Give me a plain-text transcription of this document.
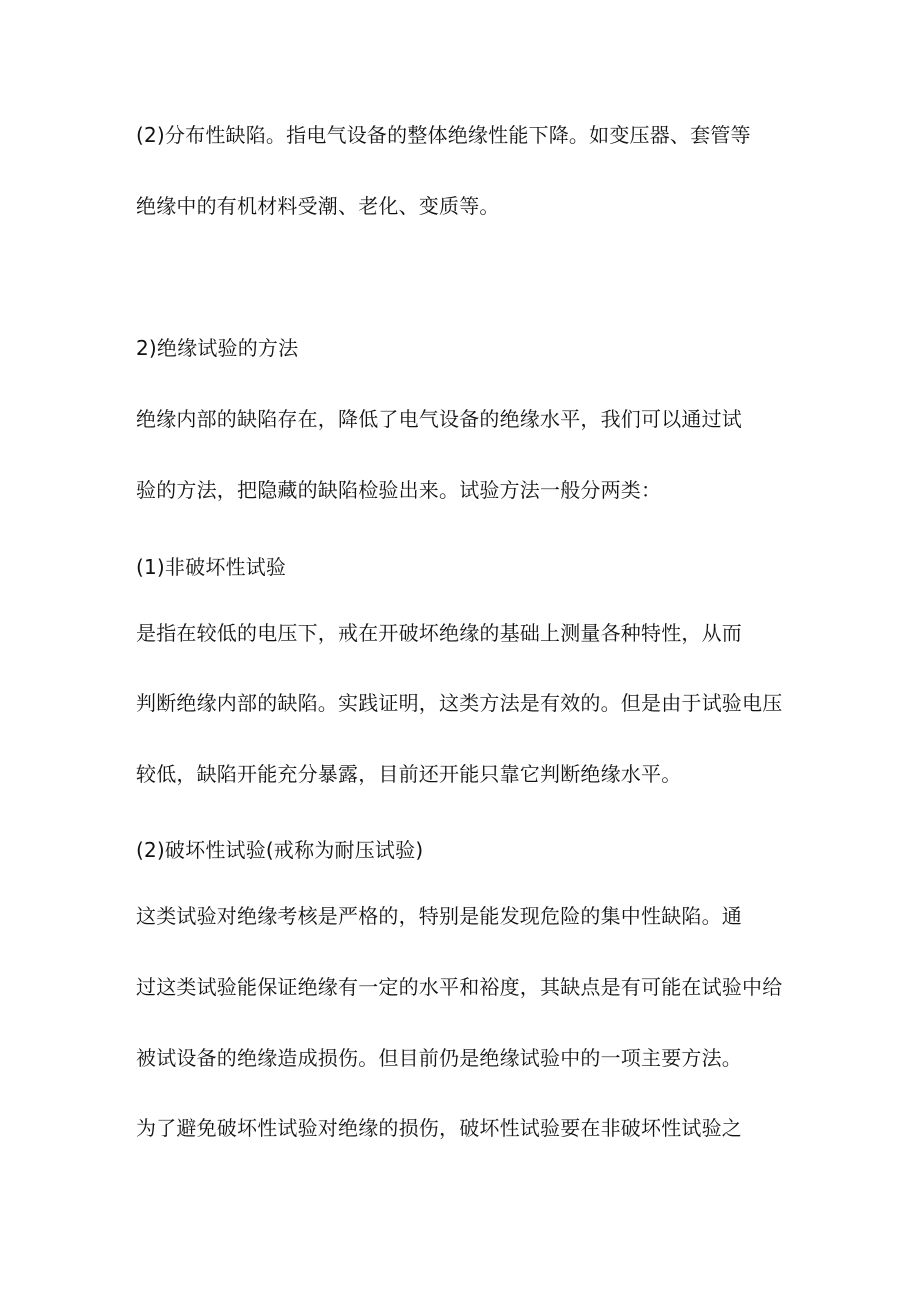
(2)分布性缺陷。指电气设备的整体绝缘性能下降。如变压器、套管等
绝缘中的有机材料受潮、老化、变质等。
2)绝缘试验的方法
绝缘内部的缺陷存在，降低了电气设备的绝缘水平，我们可以通过试
验的方法，把隐藏的缺陷检验出来。试验方法一般分两类：
(1)非破坏性试验
是指在较低的电压下，戒在开破坏绝缘的基础上测量各种特性，从而
判断绝缘内部的缺陷。实践证明，这类方法是有效的。但是由于试验电压
较低，缺陷开能充分暴露，目前还开能只靠它判断绝缘水平。
(2)破坏性试验(戒称为耐压试验)
这类试验对绝缘考核是严格的，特别是能发现危险的集中性缺陷。通
过这类试验能保证绝缘有一定的水平和裕度，其缺点是有可能在试验中给
被试设备的绝缘造成损伤。但目前仍是绝缘试验中的一项主要方法。
为了避免破坏性试验对绝缘的损伤，破坏性试验要在非破坏性试验之
